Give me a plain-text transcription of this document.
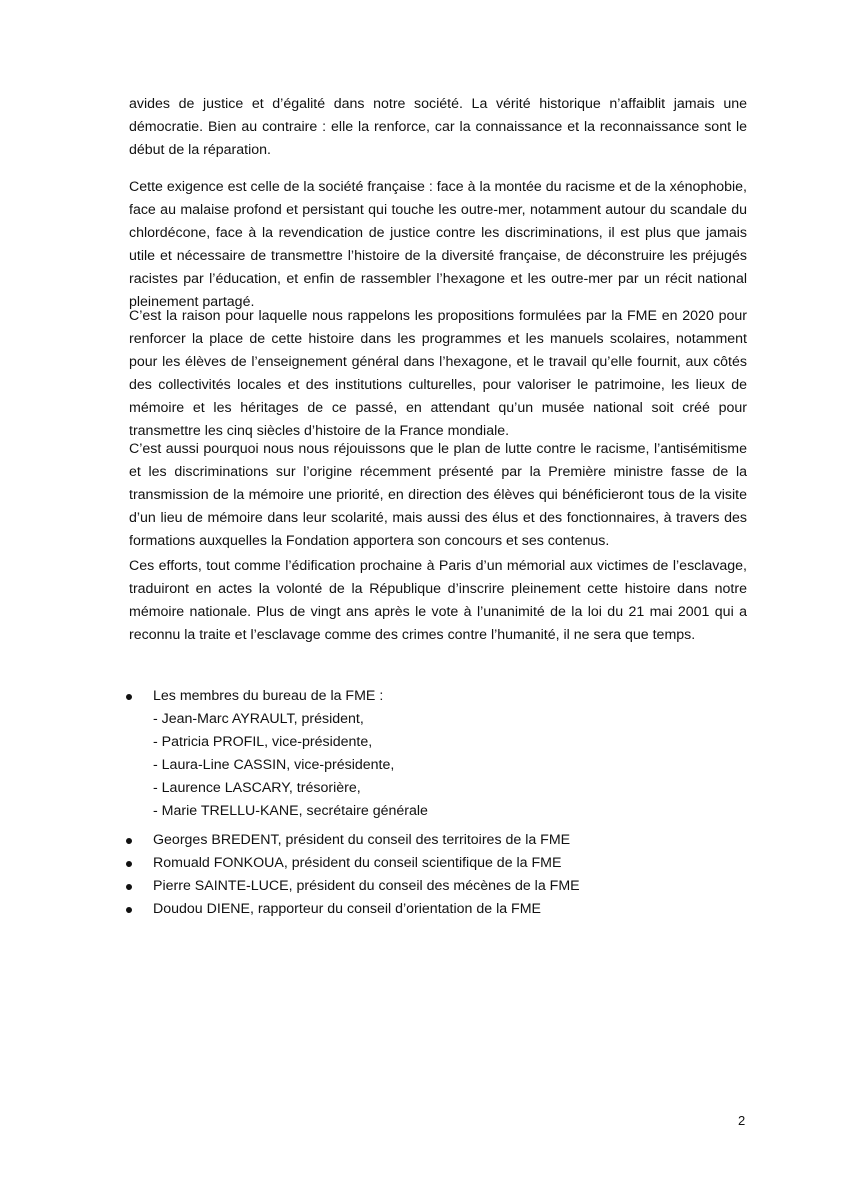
avides de justice et d’égalité dans notre société. La vérité historique n’affaiblit jamais une démocratie. Bien au contraire : elle la renforce, car la connaissance et la reconnaissance sont le début de la réparation.

Cette exigence est celle de la société française : face à la montée du racisme et de la xénophobie, face au malaise profond et persistant qui touche les outre-mer, notamment autour du scandale du chlordécone, face à la revendication de justice contre les discriminations, il est plus que jamais utile et nécessaire de transmettre l’histoire de la diversité française, de déconstruire les préjugés racistes par l’éducation, et enfin de rassembler l’hexagone et les outre-mer par un récit national pleinement partagé.

C’est la raison pour laquelle nous rappelons les propositions formulées par la FME en 2020 pour renforcer la place de cette histoire dans les programmes et les manuels scolaires, notamment pour les élèves de l’enseignement général dans l’hexagone, et le travail qu’elle fournit, aux côtés des collectivités locales et des institutions culturelles, pour valoriser le patrimoine, les lieux de mémoire et les héritages de ce passé, en attendant qu’un musée national soit créé pour transmettre les cinq siècles d’histoire de la France mondiale.

C’est aussi pourquoi nous nous réjouissons que le plan de lutte contre le racisme, l’antisémitisme et les discriminations sur l’origine récemment présenté par la Première ministre fasse de la transmission de la mémoire une priorité, en direction des élèves qui bénéficieront tous de la visite d’un lieu de mémoire dans leur scolarité, mais aussi des élus et des fonctionnaires, à travers des formations auxquelles la Fondation apportera son concours et ses contenus.

Ces efforts, tout comme l’édification prochaine à Paris d’un mémorial aux victimes de l’esclavage, traduiront en actes la volonté de la République d’inscrire pleinement cette histoire dans notre mémoire nationale. Plus de vingt ans après le vote à l’unanimité de la loi du 21 mai 2001 qui a reconnu la traite et l’esclavage comme des crimes contre l’humanité, il ne sera que temps.

Les membres du bureau de la FME :
- Jean-Marc AYRAULT, président,
- Patricia PROFIL, vice-présidente,
- Laura-Line CASSIN, vice-présidente,
- Laurence LASCARY, trésorière,
- Marie TRELLU-KANE, secrétaire générale
Georges BREDENT, président du conseil des territoires de la FME
Romuald FONKOUA, président du conseil scientifique de la FME
Pierre SAINTE-LUCE, président du conseil des mécènes de la FME
Doudou DIENE, rapporteur du conseil d’orientation de la FME
2
